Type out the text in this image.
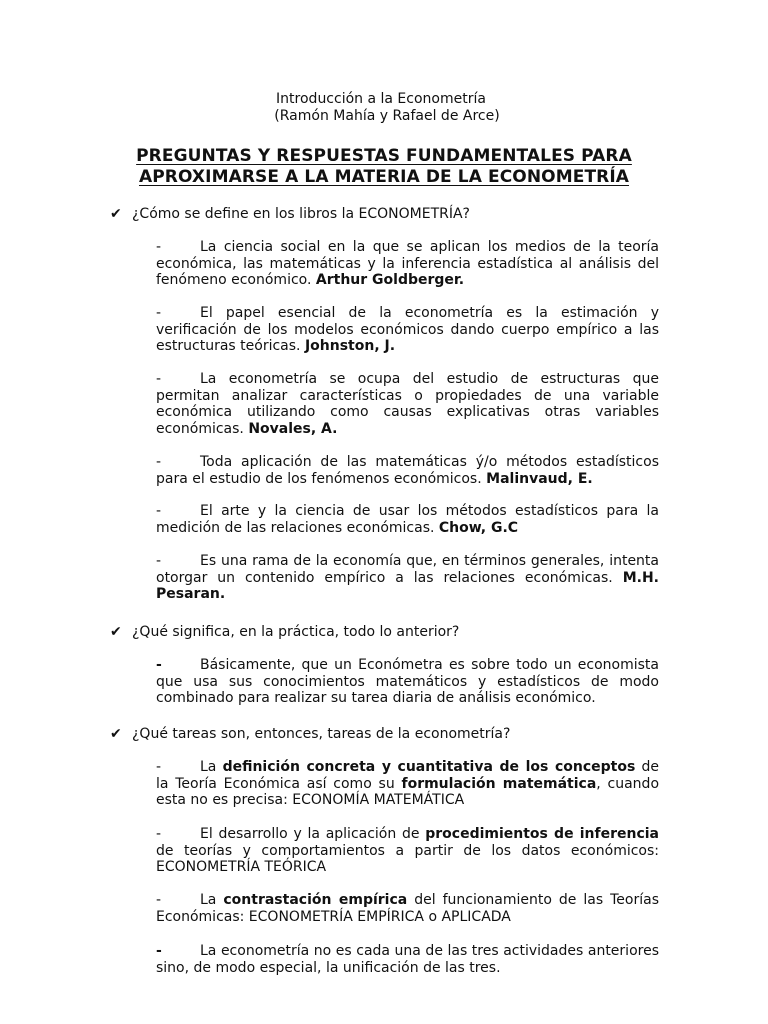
Introducción a la Econometría
(Ramón Mahía y Rafael de Arce)
PREGUNTAS Y RESPUESTAS FUNDAMENTALES PARA
APROXIMARSE A LA MATERIA DE LA ECONOMETRÍA
✔ ¿Cómo se define en los libros la ECONOMETRÍA?
-	La ciencia social en la que se aplican los medios de la teoría económica, las matemáticas y la inferencia estadística al análisis del fenómeno económico. Arthur Goldberger.
-	El papel esencial de la econometría es la estimación y verificación de los modelos económicos dando cuerpo empírico a las estructuras teóricas. Johnston, J.
-	La econometría se ocupa del estudio de estructuras que permitan analizar características o propiedades de una variable económica utilizando como causas explicativas otras variables económicas. Novales, A.
-	Toda aplicación de las matemáticas ý/o métodos estadísticos para el estudio de los fenómenos económicos. Malinvaud, E.
-	El arte y la ciencia de usar los métodos estadísticos para la medición de las relaciones económicas. Chow, G.C
-	Es una rama de la economía que, en términos generales, intenta otorgar un contenido empírico a las relaciones económicas. M.H. Pesaran.
✔ ¿Qué significa, en la práctica, todo lo anterior?
-	Básicamente, que un Económetra es sobre todo un economista que usa sus conocimientos matemáticos y estadísticos de modo combinado para realizar su tarea diaria de análisis económico.
✔ ¿Qué tareas son, entonces, tareas de la econometría?
-	La definición concreta y cuantitativa de los conceptos de la Teoría Económica así como su formulación matemática, cuando esta no es precisa: ECONOMÍA MATEMÁTICA
-	El desarrollo y la aplicación de procedimientos de inferencia de teorías y comportamientos a partir de los datos económicos: ECONOMETRÍA TEÓRICA
-	La contrastación empírica del funcionamiento de las Teorías Económicas: ECONOMETRÍA EMPÍRICA o APLICADA
-	La econometría no es cada una de las tres actividades anteriores sino, de modo especial, la unificación de las tres.
